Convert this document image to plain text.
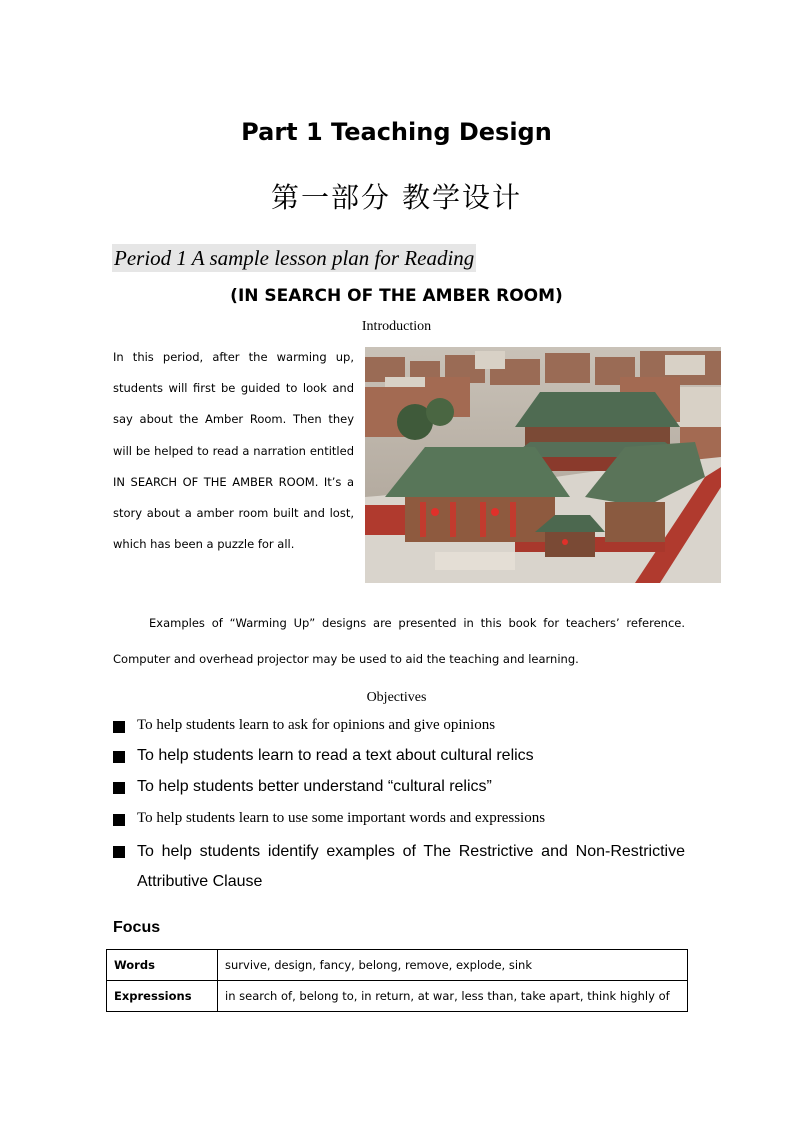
Part 1 Teaching Design
第一部分 教学设计
Period 1 A sample lesson plan for Reading
(IN SEARCH OF THE AMBER ROOM)
Introduction
In this period, after the warming up,
students will first be guided to look and
say about the Amber Room. Then they
will be helped to read a narration entitled
IN SEARCH OF THE AMBER ROOM. It’s a
story about a amber room built and lost,
which has been a puzzle for all.
Examples of “Warming Up” designs are presented in this book for teachers’ reference.
Computer and overhead projector may be used to aid the teaching and learning.
Objectives
To help students learn to ask for opinions and give opinions
To help students learn to read a text about cultural relics
To help students better understand “cultural relics”
To help students learn to use some important words and expressions
To help students identify examples of The Restrictive and Non-Restrictive
Attributive Clause
Focus
Words	survive, design, fancy, belong, remove, explode, sink
Expressions	in search of, belong to, in return, at war, less than, take apart, think highly of
